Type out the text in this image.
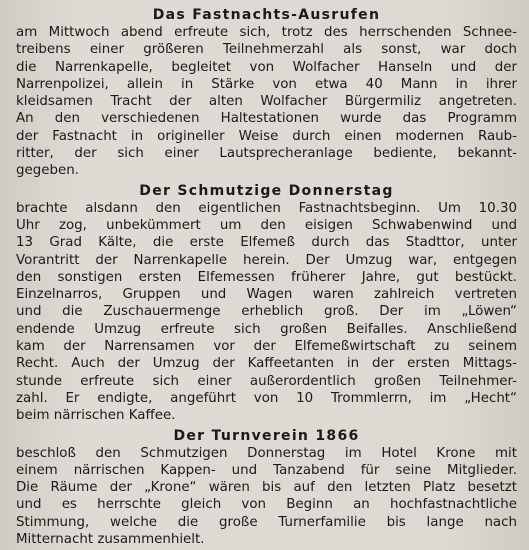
Das Fastnachts-Ausrufen

am Mittwoch abend erfreute sich, trotz des herrschenden Schnee-
treibens einer größeren Teilnehmerzahl als sonst, war doch
die Narrenkapelle, begleitet von Wolfacher Hanseln und der
Narrenpolizei, allein in Stärke von etwa 40 Mann in ihrer
kleidsamen Tracht der alten Wolfacher Bürgermiliz angetreten.
An den verschiedenen Haltestationen wurde das Programm
der Fastnacht in origineller Weise durch einen modernen Raub-
ritter, der sich einer Lautsprecheranlage bediente, bekannt-
gegeben.

Der Schmutzige Donnerstag

brachte alsdann den eigentlichen Fastnachtsbeginn. Um 10.30
Uhr zog, unbekümmert um den eisigen Schwabenwind und
13 Grad Kälte, die erste Elfemeß durch das Stadttor, unter
Vorantritt der Narrenkapelle herein. Der Umzug war, entgegen
den sonstigen ersten Elfemessen früherer Jahre, gut bestückt.
Einzelnarros, Gruppen und Wagen waren zahlreich vertreten
und die Zuschauermenge erheblich groß. Der im „Löwen“
endende Umzug erfreute sich großen Beifalles. Anschließend
kam der Narrensamen vor der Elfemeßwirtschaft zu seinem
Recht. Auch der Umzug der Kaffeetanten in der ersten Mittags-
stunde erfreute sich einer außerordentlich großen Teilnehmer-
zahl. Er endigte, angeführt von 10 Trommlerrn, im „Hecht“
beim närrischen Kaffee.

Der Turnverein 1866

beschloß den Schmutzigen Donnerstag im Hotel Krone mit
einem närrischen Kappen- und Tanzabend für seine Mitglieder.
Die Räume der „Krone“ wären bis auf den letzten Platz besetzt
und es herrschte gleich von Beginn an hochfastnachtliche
Stimmung, welche die große Turnerfamilie bis lange nach
Mitternacht zusammenhielt.
